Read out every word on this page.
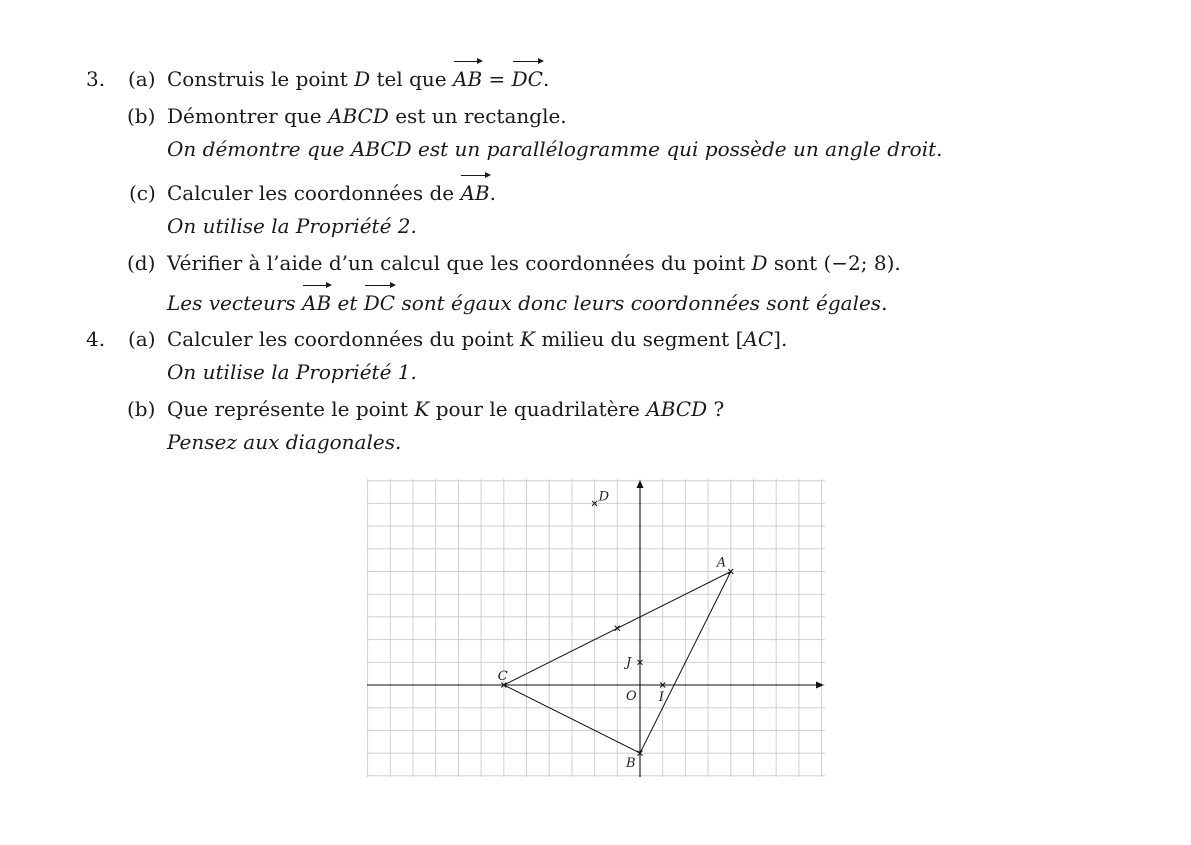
3. (a) Construis le point D tel que AB = DC.
(b) Démontrer que ABCD est un rectangle.
On démontre que ABCD est un parallélogramme qui possède un angle droit.
(c) Calculer les coordonnées de AB.
On utilise la Propriété 2.
(d) Vérifier à l’aide d’un calcul que les coordonnées du point D sont (−2; 8).
Les vecteurs AB et DC sont égaux donc leurs coordonnées sont égales.
4. (a) Calculer les coordonnées du point K milieu du segment [AC].
On utilise la Propriété 1.
(b) Que représente le point K pour le quadrilatère ABCD ?
Pensez aux diagonales.
A
B
C
D
I
J
O
